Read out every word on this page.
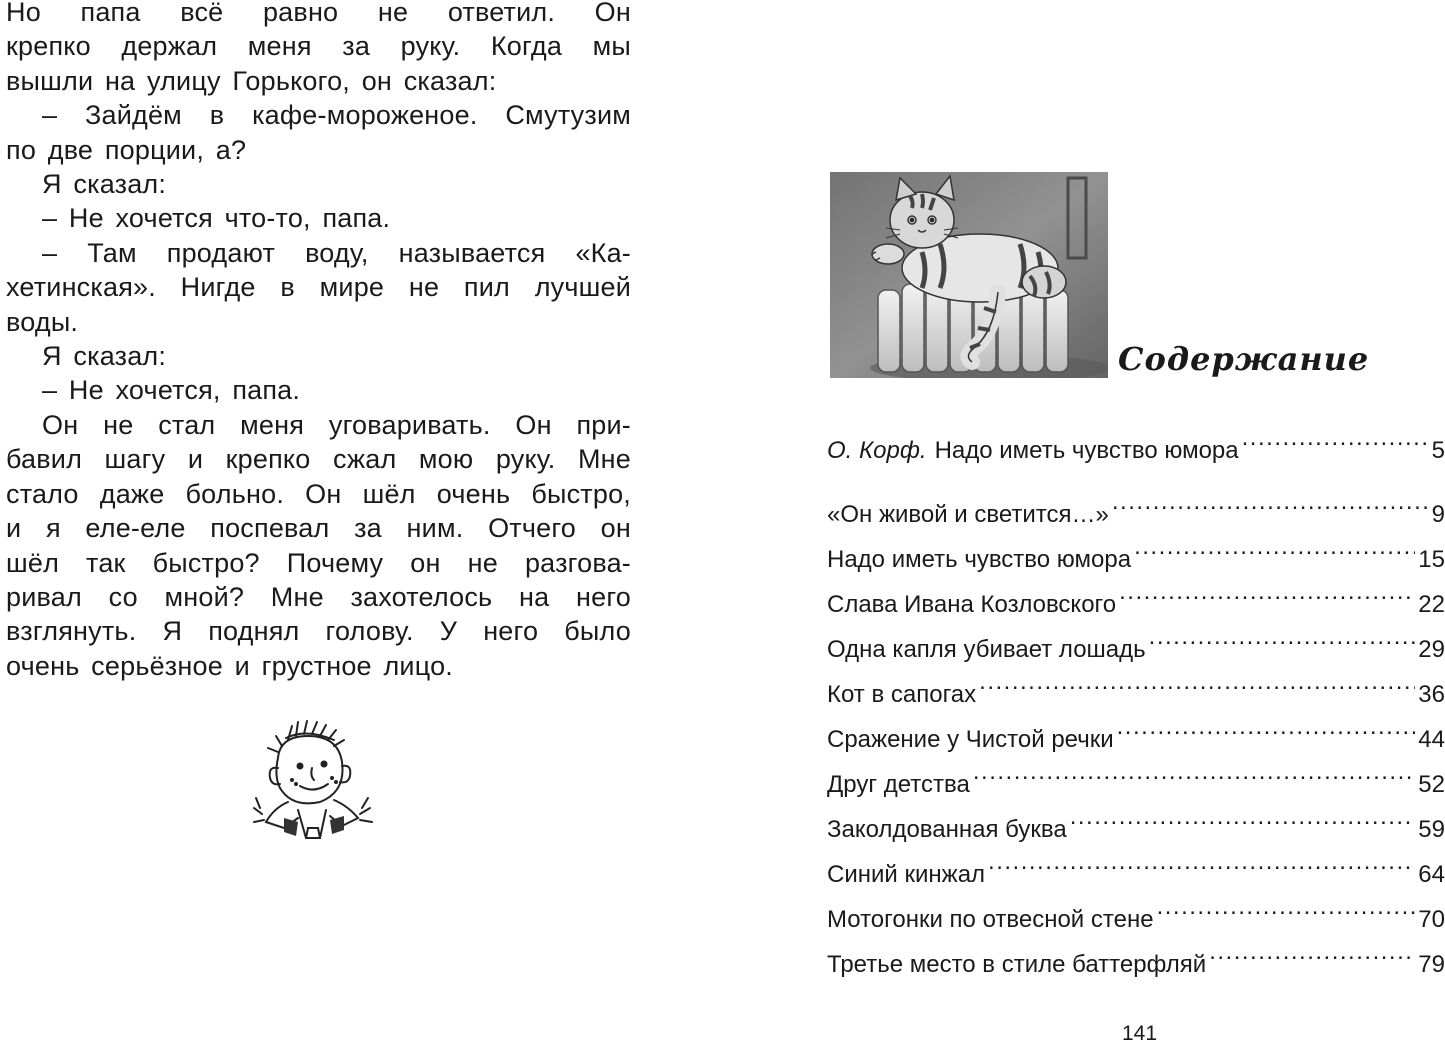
Но папа всё равно не ответил. Он
крепко держал меня за руку. Когда мы
вышли на улицу Горького, он сказал:
– Зайдём в кафе-мороженое. Смутузим
по две порции, а?
Я сказал:
– Не хочется что-то, папа.
– Там продают воду, называется «Ка-
хетинская». Нигде в мире не пил лучшей
воды.
Я сказал:
– Не хочется, папа.
Он не стал меня уговаривать. Он при-
бавил шагу и крепко сжал мою руку. Мне
стало даже больно. Он шёл очень быстро,
и я еле-еле поспевал за ним. Отчего он
шёл так быстро? Почему он не разгова-
ривал со мной? Мне захотелось на него
взглянуть. Я поднял голову. У него было
очень серьёзное и грустное лицо.
Содержание
О. Корф. Надо иметь чувство юмора .....	5
«Он живой и светится…» .....	9
Надо иметь чувство юмора .....	15
Слава Ивана Козловского .....	22
Одна капля убивает лошадь .....	29
Кот в сапогах .....	36
Сражение у Чистой речки .....	44
Друг детства .....	52
Заколдованная буква .....	59
Синий кинжал .....	64
Мотогонки по отвесной стене .....	70
Третье место в стиле баттерфляй .....	79
141
